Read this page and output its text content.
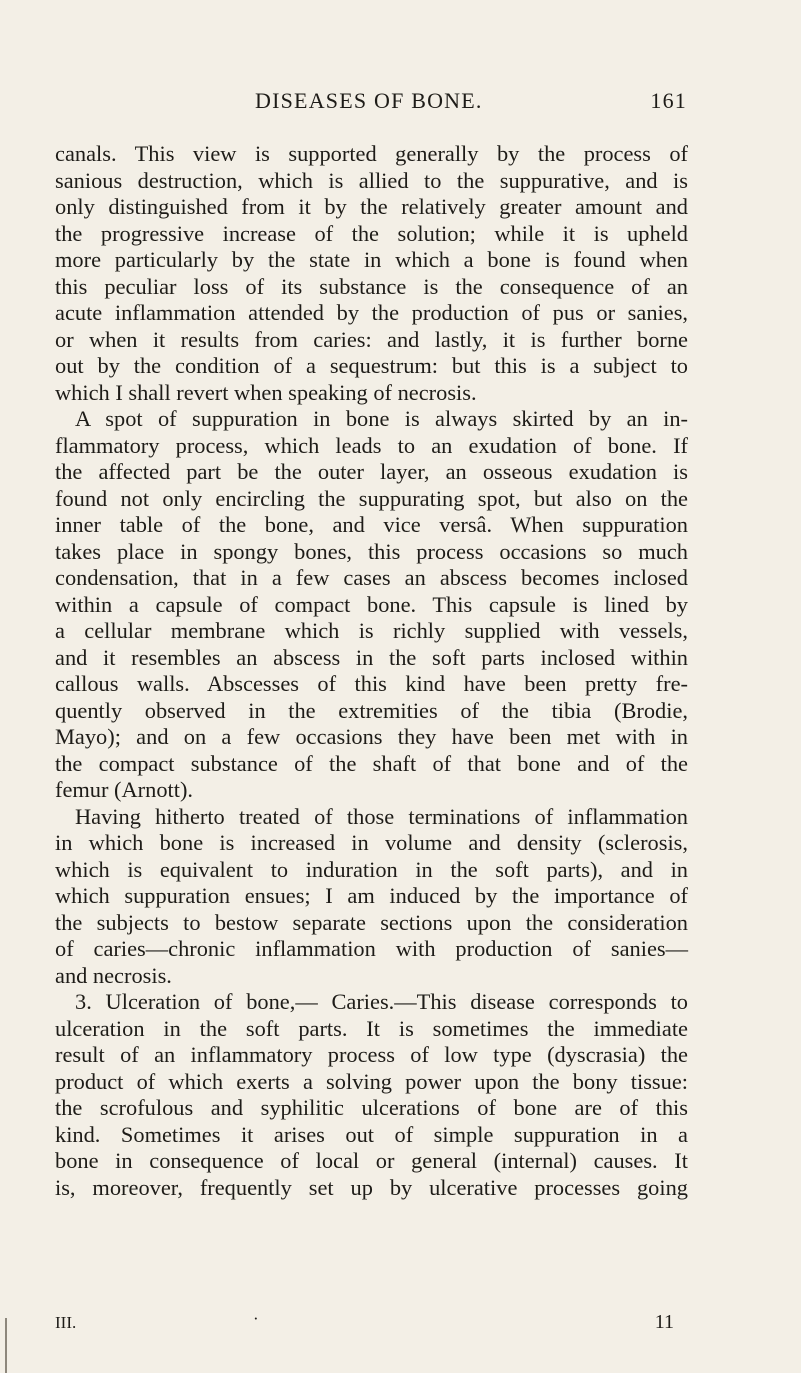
DISEASES OF BONE.	161
canals. This view is supported generally by the process of
sanious destruction, which is allied to the suppurative, and is
only distinguished from it by the relatively greater amount and
the progressive increase of the solution; while it is upheld
more particularly by the state in which a bone is found when
this peculiar loss of its substance is the consequence of an
acute inflammation attended by the production of pus or sanies,
or when it results from caries: and lastly, it is further borne
out by the condition of a sequestrum: but this is a subject to
which I shall revert when speaking of necrosis.
A spot of suppuration in bone is always skirted by an in-
flammatory process, which leads to an exudation of bone. If
the affected part be the outer layer, an osseous exudation is
found not only encircling the suppurating spot, but also on the
inner table of the bone, and vice versâ. When suppuration
takes place in spongy bones, this process occasions so much
condensation, that in a few cases an abscess becomes inclosed
within a capsule of compact bone. This capsule is lined by
a cellular membrane which is richly supplied with vessels,
and it resembles an abscess in the soft parts inclosed within
callous walls. Abscesses of this kind have been pretty fre-
quently observed in the extremities of the tibia (Brodie,
Mayo); and on a few occasions they have been met with in
the compact substance of the shaft of that bone and of the
femur (Arnott).
Having hitherto treated of those terminations of inflammation
in which bone is increased in volume and density (sclerosis,
which is equivalent to induration in the soft parts), and in
which suppuration ensues; I am induced by the importance of
the subjects to bestow separate sections upon the consideration
of caries—chronic inflammation with production of sanies—
and necrosis.
3. Ulceration of bone,— Caries.—This disease corresponds to
ulceration in the soft parts. It is sometimes the immediate
result of an inflammatory process of low type (dyscrasia) the
product of which exerts a solving power upon the bony tissue:
the scrofulous and syphilitic ulcerations of bone are of this
kind. Sometimes it arises out of simple suppuration in a
bone in consequence of local or general (internal) causes. It
is, moreover, frequently set up by ulcerative processes going
III.	·	11
